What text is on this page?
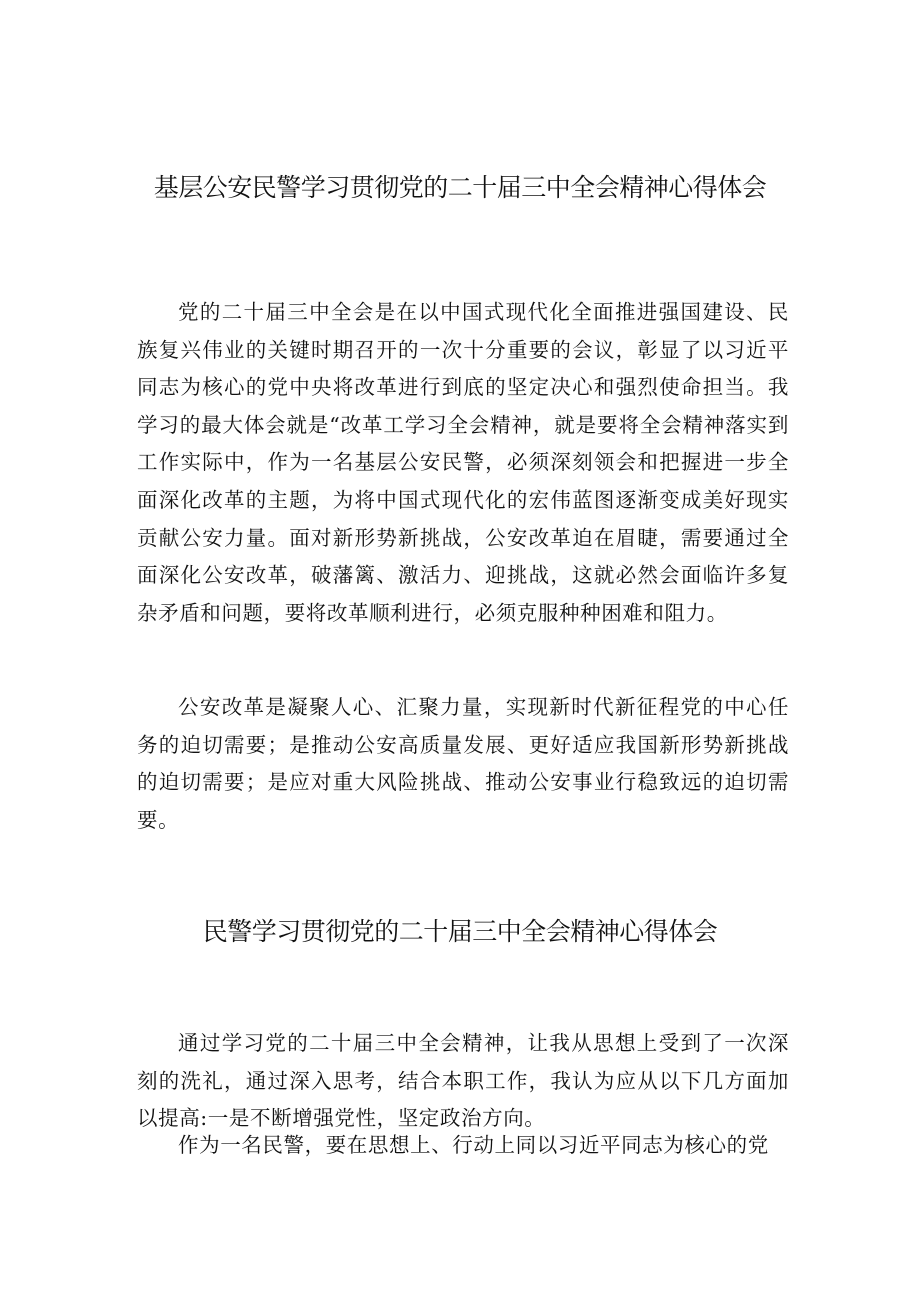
基层公安民警学习贯彻党的二十届三中全会精神心得体会

党的二十届三中全会是在以中国式现代化全面推进强国建设、民族复兴伟业的关键时期召开的一次十分重要的会议，彰显了以习近平同志为核心的党中央将改革进行到底的坚定决心和强烈使命担当。我学习的最大体会就是“改革工学习全会精神，就是要将全会精神落实到工作实际中，作为一名基层公安民警，必须深刻领会和把握进一步全面深化改革的主题，为将中国式现代化的宏伟蓝图逐渐变成美好现实贡献公安力量。面对新形势新挑战，公安改革迫在眉睫，需要通过全面深化公安改革，破藩篱、激活力、迎挑战，这就必然会面临许多复杂矛盾和问题，要将改革顺利进行，必须克服种种困难和阻力。

公安改革是凝聚人心、汇聚力量，实现新时代新征程党的中心任务的迫切需要；是推动公安高质量发展、更好适应我国新形势新挑战的迫切需要；是应对重大风险挑战、推动公安事业行稳致远的迫切需要。

民警学习贯彻党的二十届三中全会精神心得体会

通过学习党的二十届三中全会精神，让我从思想上受到了一次深刻的洗礼，通过深入思考，结合本职工作，我认为应从以下几方面加以提高:一是不断增强党性，坚定政治方向。

作为一名民警，要在思想上、行动上同以习近平同志为核心的党
